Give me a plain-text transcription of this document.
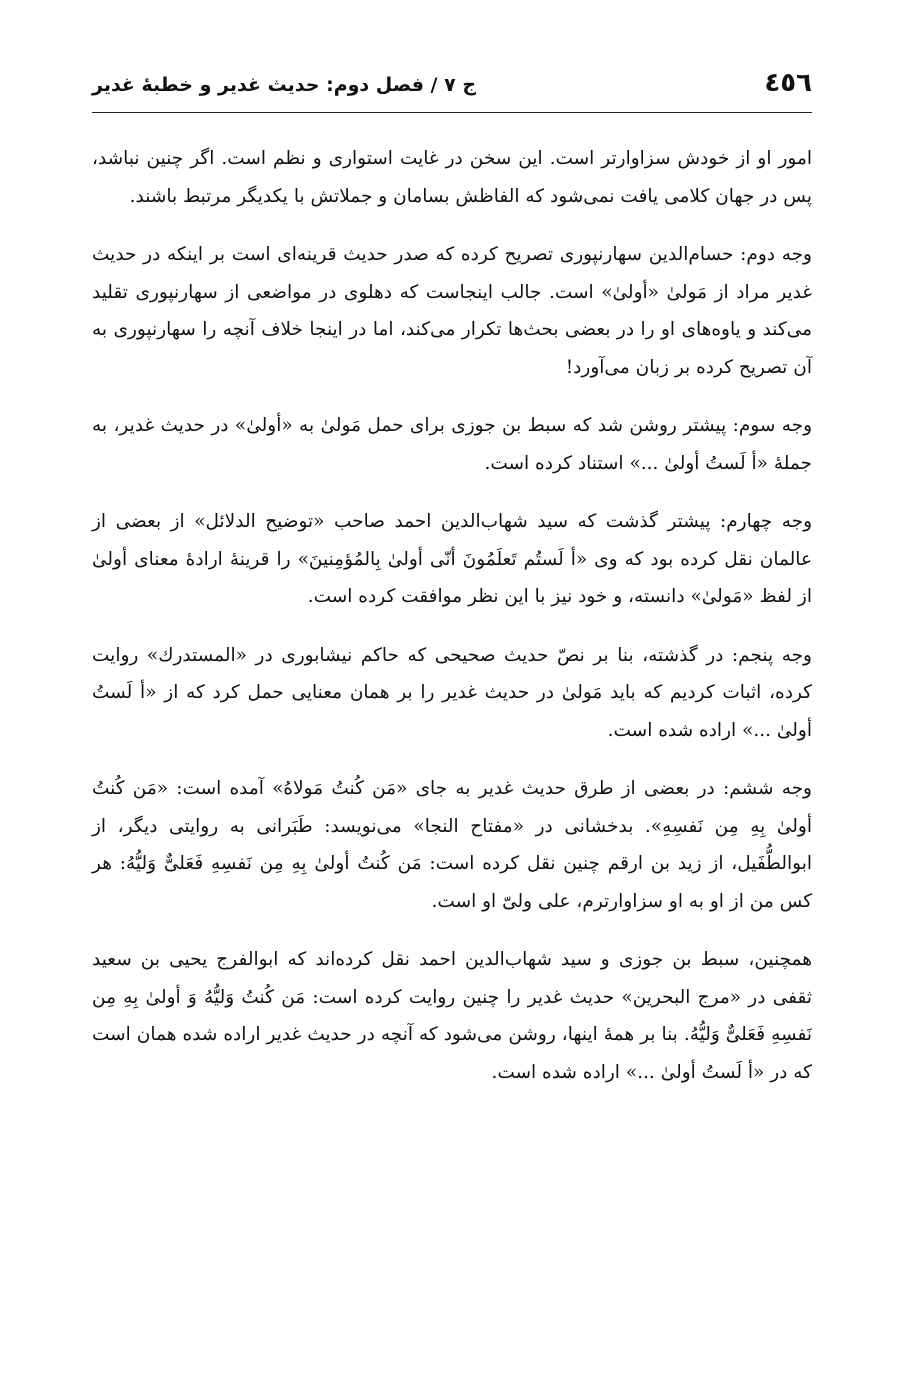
٤٥٦
ج ٧ / فصل دوم: حدیث غدیر و خطبهٔ غدیر

امور او از خودش سزاوارتر است. این سخن در غایت استواری و نظم است. اگر چنین نباشد، پس در جهان کلامی یافت نمی‌شود که الفاظش بسامان و جملاتش با یکدیگر مرتبط باشند.

وجه دوم: حسام‌الدین سهارنپوری تصریح کرده که صدر حدیث قرینه‌ای است بر اینکه در حدیث غدیر مراد از مَولیٰ «أولیٰ» است. جالب اینجاست که دهلوی در مواضعی از سهارنپوری تقلید می‌کند و یاوه‌های او را در بعضی بحث‌ها تکرار می‌کند، اما در اینجا خلاف آنچه را سهارنپوری به آن تصریح کرده بر زبان می‌آورد!

وجه سوم: پیشتر روشن شد که سبط بن جوزی برای حمل مَولیٰ به «أولیٰ» در حدیث غدیر، به جملهٔ «أ لَستُ أولیٰ ...» استناد کرده است.

وجه چهارم: پیشتر گذشت که سید شهاب‌الدین احمد صاحب «توضیح الدلائل» از بعضی از عالمان نقل کرده بود که وی «أ لَستُم تَعلَمُونَ أنّی أولیٰ بِالمُؤمِنینَ» را قرینهٔ ارادهٔ معنای أولیٰ از لفظ «مَولیٰ» دانسته، و خود نیز با این نظر موافقت کرده است.

وجه پنجم: در گذشته، بنا بر نصّ حدیث صحیحی که حاکم نیشابوری در «المستدرك» روایت کرده، اثبات کردیم که باید مَولیٰ در حدیث غدیر را بر همان معنایی حمل کرد که از «أ لَستُ أولیٰ ...» اراده شده است.

وجه ششم: در بعضی از طرق حدیث غدیر به جای «مَن کُنتُ مَولاهُ» آمده است: «مَن کُنتُ أولیٰ بِهِ مِن نَفسِهِ». بدخشانی در «مفتاح النجا» می‌نویسد: طَبَرانی به روایتی دیگر، از ابوالطُّفَیل، از زید بن ارقم چنین نقل کرده است: مَن کُنتُ أولیٰ بِهِ مِن نَفسِهِ فَعَلیٌّ وَلیُّهُ: هر کس من از او به او سزاوارترم، علی ولیّ او است.

همچنین، سبط بن جوزی و سید شهاب‌الدین احمد نقل کرده‌اند که ابوالفرج یحیی بن سعید ثقفی در «مرج البحرین» حدیث غدیر را چنین روایت کرده است: مَن کُنتُ وَلیُّهُ وَ أولیٰ بِهِ مِن نَفسِهِ فَعَلیٌّ وَلیُّهُ. بنا بر همهٔ اینها، روشن می‌شود که آنچه در حدیث غدیر اراده شده همان است که در «أ لَستُ أولیٰ ...» اراده شده است.
